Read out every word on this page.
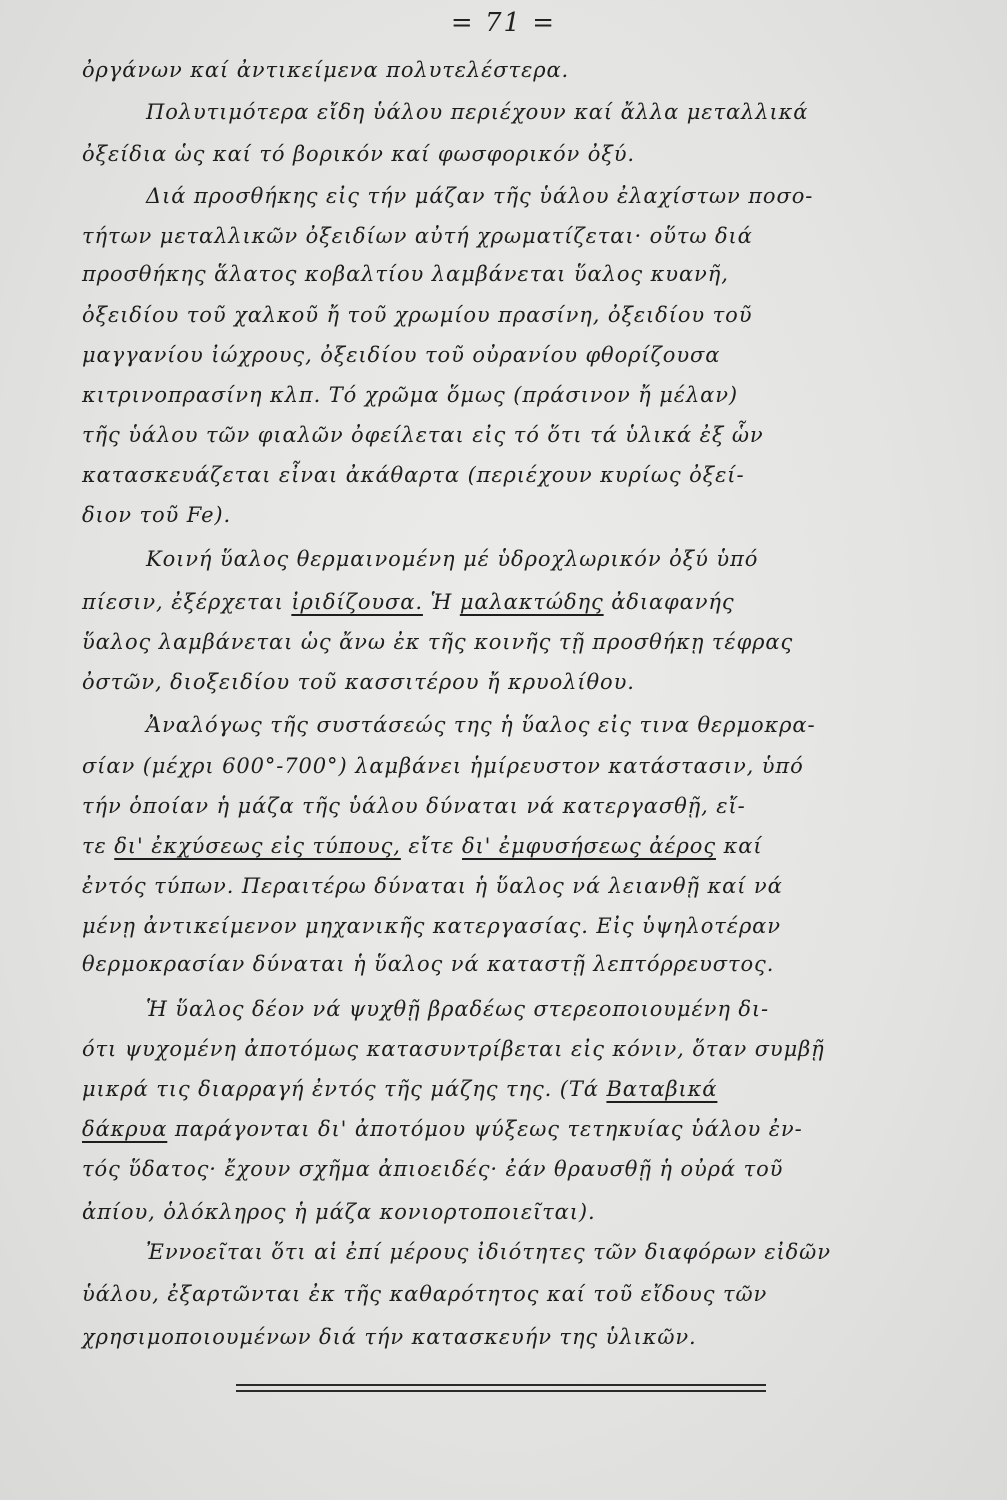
= 71 =
ὀργάνων καί ἀντικείμενα πολυτελέστερα.
Πολυτιμότερα εἴδη ὑάλου περιέχουν καί ἄλλα μεταλλικά
ὀξείδια ὡς καί τό βορικόν καί φωσφορικόν ὀξύ.
Διά προσθήκης εἰς τήν μάζαν τῆς ὑάλου ἐλαχίστων ποσο-
τήτων μεταλλικῶν ὀξειδίων αὐτή χρωματίζεται· οὕτω διά
προσθήκης ἅλατος κοβαλτίου λαμβάνεται ὕαλος κυανῆ,
ὀξειδίου τοῦ χαλκοῦ ἤ τοῦ χρωμίου πρασίνη, ὀξειδίου τοῦ
μαγγανίου ἰώχρους, ὀξειδίου τοῦ οὐρανίου φθορίζουσα
κιτρινοπρασίνη κλπ. Τό χρῶμα ὅμως (πράσινον ἤ μέλαν)
τῆς ὑάλου τῶν φιαλῶν ὀφείλεται εἰς τό ὅτι τά ὑλικά ἐξ ὧν
κατασκευάζεται εἶναι ἀκάθαρτα (περιέχουν κυρίως ὀξεί-
διον τοῦ Fe).
Κοινή ὕαλος θερμαινομένη μέ ὑδροχλωρικόν ὀξύ ὑπό
πίεσιν, ἐξέρχεται ἰριδίζουσα. Ἡ μαλακτώδης ἀδιαφανής
ὕαλος λαμβάνεται ὡς ἄνω ἐκ τῆς κοινῆς τῇ προσθήκῃ τέφρας
ὀστῶν, διοξειδίου τοῦ κασσιτέρου ἤ κρυολίθου.
Ἀναλόγως τῆς συστάσεώς της ἡ ὕαλος εἰς τινα θερμοκρα-
σίαν (μέχρι 600°-700°) λαμβάνει ἡμίρευστον κατάστασιν, ὑπό
τήν ὁποίαν ἡ μάζα τῆς ὑάλου δύναται νά κατεργασθῇ, εἴ-
τε δι' ἐκχύσεως εἰς τύπους, εἴτε δι' ἐμφυσήσεως ἀέρος καί
ἐντός τύπων. Περαιτέρω δύναται ἡ ὕαλος νά λειανθῇ καί νά
μένῃ ἀντικείμενον μηχανικῆς κατεργασίας. Εἰς ὑψηλοτέραν
θερμοκρασίαν δύναται ἡ ὕαλος νά καταστῇ λεπτόρρευστος.
Ἡ ὕαλος δέον νά ψυχθῇ βραδέως στερεοποιουμένη δι-
ότι ψυχομένη ἀποτόμως κατασυντρίβεται εἰς κόνιν, ὅταν συμβῇ
μικρά τις διαρραγή ἐντός τῆς μάζης της. (Τά Βαταβικά
δάκρυα παράγονται δι' ἀποτόμου ψύξεως τετηκυίας ὑάλου ἐν-
τός ὕδατος· ἔχουν σχῆμα ἀπιοειδές· ἐάν θραυσθῇ ἡ οὐρά τοῦ
ἀπίου, ὁλόκληρος ἡ μάζα κονιορτοποιεῖται).
Ἐννοεῖται ὅτι αἱ ἐπί μέρους ἰδιότητες τῶν διαφόρων εἰδῶν
ὑάλου, ἐξαρτῶνται ἐκ τῆς καθαρότητος καί τοῦ εἴδους τῶν
χρησιμοποιουμένων διά τήν κατασκευήν της ὑλικῶν.
